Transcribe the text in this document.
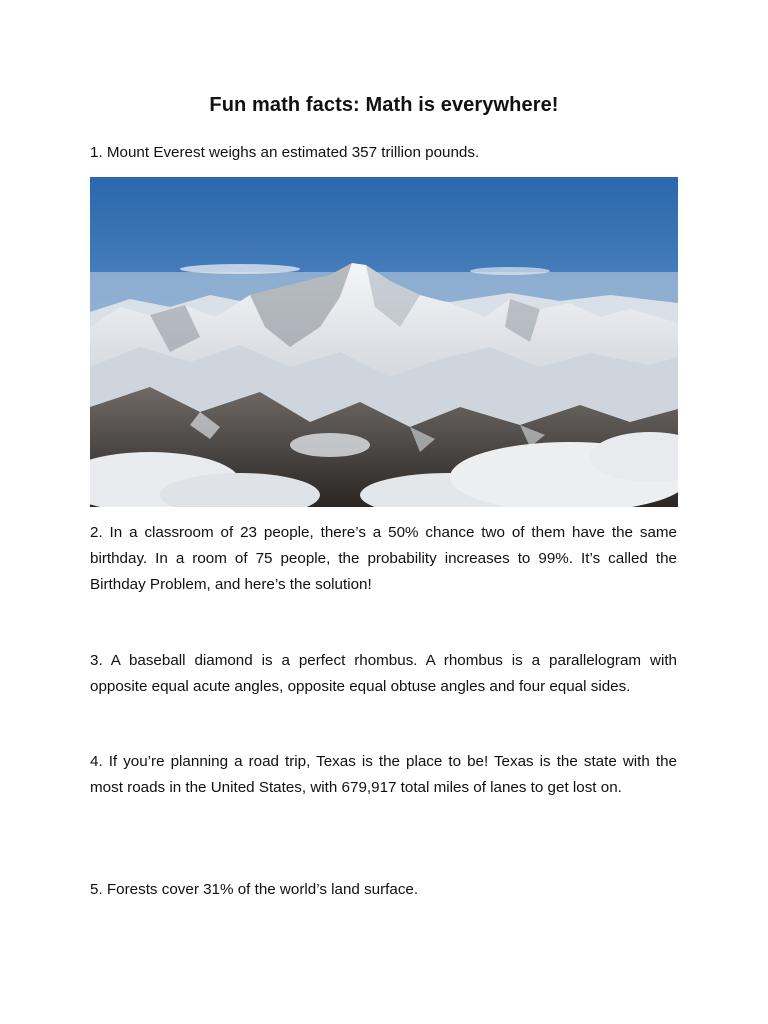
Fun math facts: Math is everywhere!
1. Mount Everest weighs an estimated 357 trillion pounds.
2. In a classroom of 23 people, there’s a 50% chance two of them have the same birthday. In a room of 75 people, the probability increases to 99%. It’s called the Birthday Problem, and here’s the solution!
3. A baseball diamond is a perfect rhombus. A rhombus is a parallelogram with opposite equal acute angles, opposite equal obtuse angles and four equal sides.
4. If you’re planning a road trip, Texas is the place to be! Texas is the state with the most roads in the United States, with 679,917 total miles of lanes to get lost on.
5. Forests cover 31% of the world’s land surface.
